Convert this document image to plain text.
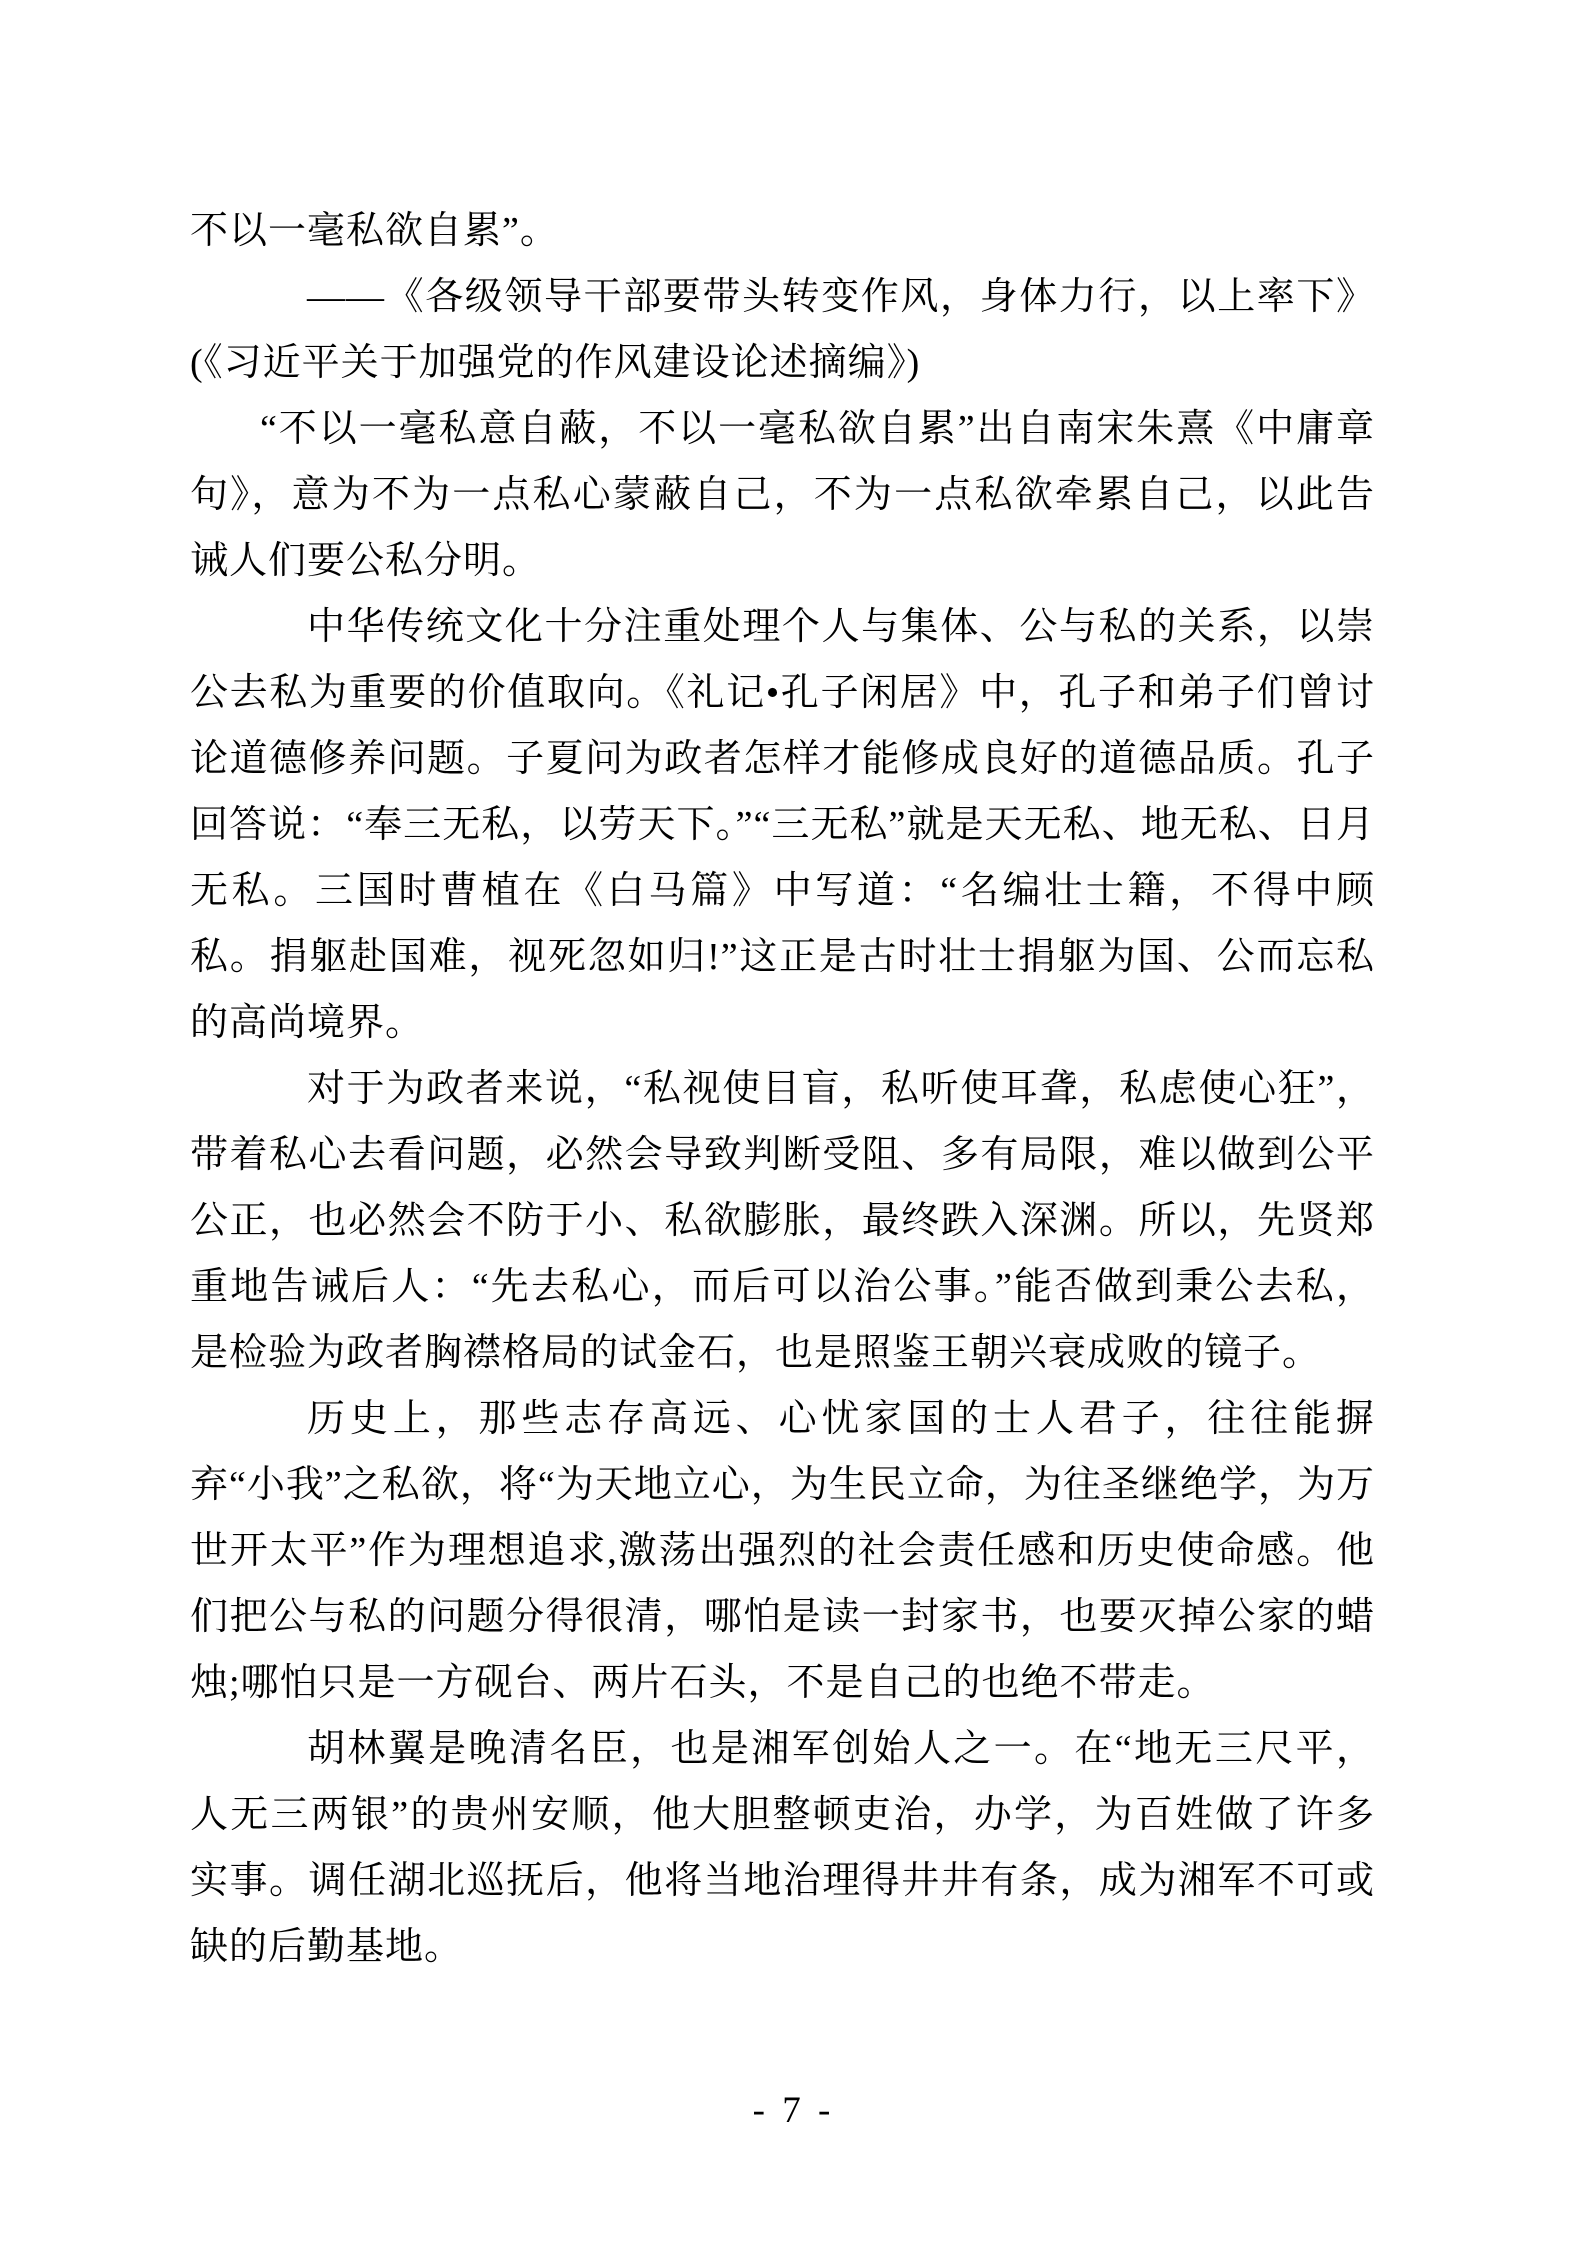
不以一毫私欲自累”。

——《各级领导干部要带头转变作风，身体力行，以上率下》(《习近平关于加强党的作风建设论述摘编》)

“不以一毫私意自蔽，不以一毫私欲自累”出自南宋朱熹《中庸章句》，意为不为一点私心蒙蔽自己，不为一点私欲牵累自己，以此告诫人们要公私分明。

中华传统文化十分注重处理个人与集体、公与私的关系，以崇公去私为重要的价值取向。《礼记•孔子闲居》中，孔子和弟子们曾讨论道德修养问题。子夏问为政者怎样才能修成良好的道德品质。孔子回答说：“奉三无私，以劳天下。”“三无私”就是天无私、地无私、日月无私。三国时曹植在《白马篇》中写道：“名编壮士籍，不得中顾私。捐躯赴国难，视死忽如归!”这正是古时壮士捐躯为国、公而忘私的高尚境界。

对于为政者来说，“私视使目盲，私听使耳聋，私虑使心狂”，带着私心去看问题，必然会导致判断受阻、多有局限，难以做到公平公正，也必然会不防于小、私欲膨胀，最终跌入深渊。所以，先贤郑重地告诫后人：“先去私心，而后可以治公事。”能否做到秉公去私，是检验为政者胸襟格局的试金石，也是照鉴王朝兴衰成败的镜子。

历史上，那些志存高远、心忧家国的士人君子，往往能摒弃“小我”之私欲，将“为天地立心，为生民立命，为往圣继绝学，为万世开太平”作为理想追求,激荡出强烈的社会责任感和历史使命感。他们把公与私的问题分得很清，哪怕是读一封家书，也要灭掉公家的蜡烛;哪怕只是一方砚台、两片石头，不是自己的也绝不带走。

胡林翼是晚清名臣，也是湘军创始人之一。在“地无三尺平，人无三两银”的贵州安顺，他大胆整顿吏治，办学，为百姓做了许多实事。调任湖北巡抚后，他将当地治理得井井有条，成为湘军不可或缺的后勤基地。

- 7 -
